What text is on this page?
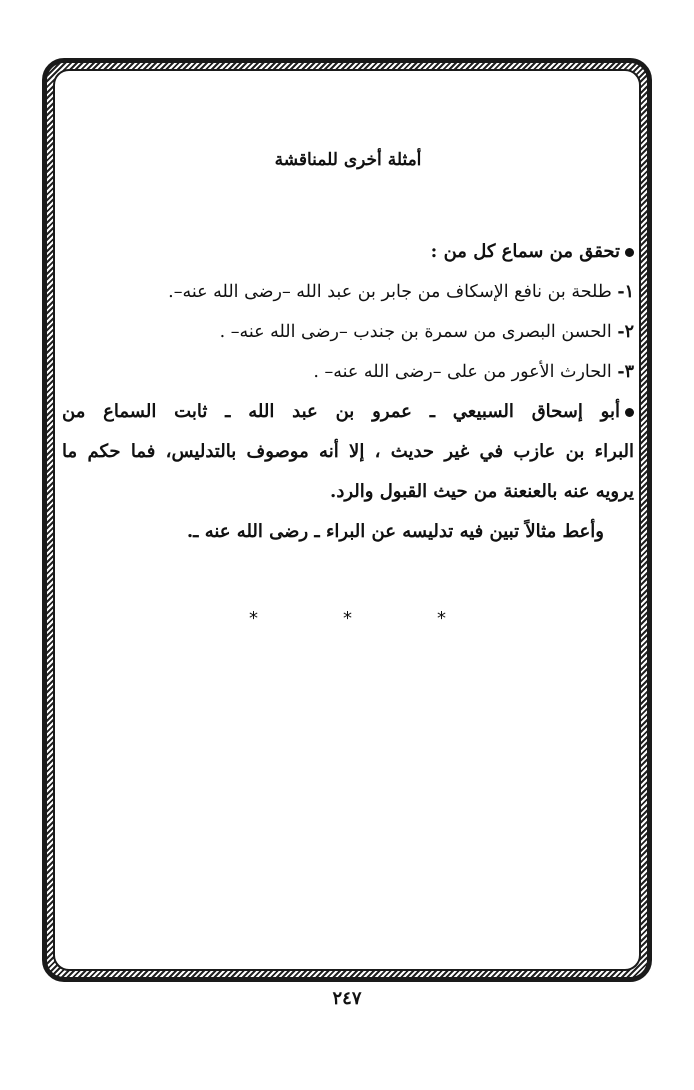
أمثلة أخرى للمناقشة

تحقق من سماع كل من :

١- طلحة بن نافع الإسكاف من جابر بن عبد الله –رضى الله عنه–.

٢- الحسن البصرى من سمرة بن جندب –رضى الله عنه– .

٣- الحارث الأعور من على –رضى الله عنه– .

أبو إسحاق السبيعي ـ عمرو بن عبد الله ـ ثابت السماع من

البراء بن عازب في غير حديث ، إلا أنه موصوف بالتدليس، فما حكم ما

يرويه عنه بالعنعنة من حيث القبول والرد.

وأعط مثالاً تبين فيه تدليسه عن البراء ـ رضى الله عنه ـ.

*
*
*
٢٤٧
